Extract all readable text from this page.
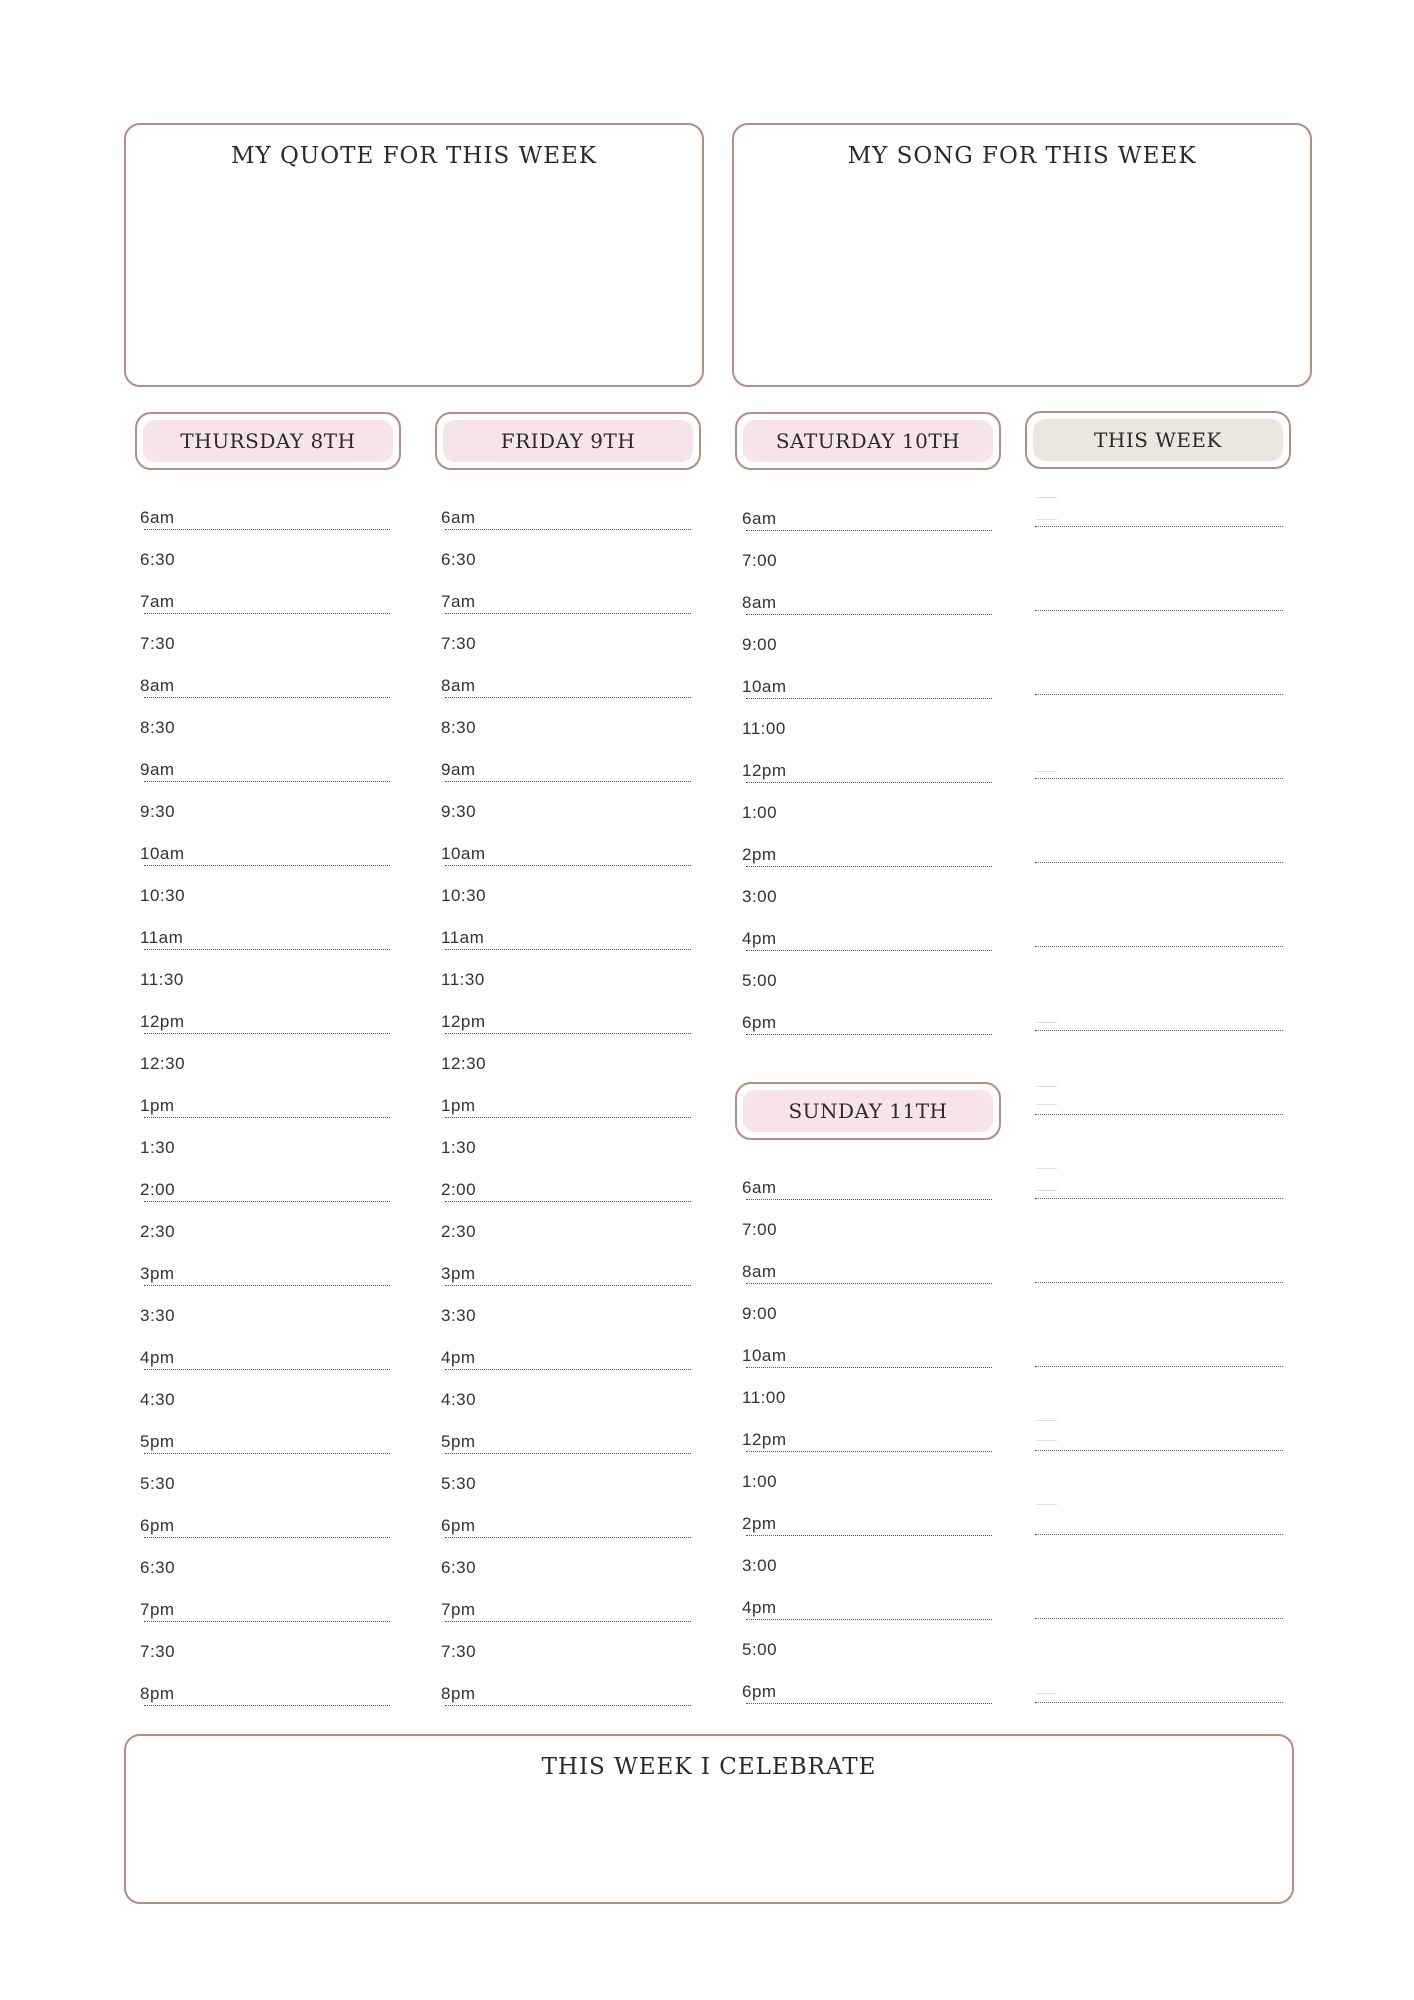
MY QUOTE FOR THIS WEEK	MY SONG FOR THIS WEEK
THURSDAY 8TH	FRIDAY 9TH	SATURDAY 10TH	THIS WEEK
SUNDAY 11TH
6am
6:30
7am
7:30
8am
8:30
9am
9:30
10am
10:30
11am
11:30
12pm
12:30
1pm
1:30
2:00
2:30
3pm
3:30
4pm
4:30
5pm
5:30
6pm
6:30
7pm
7:30
8pm
6am
6:30
7am
7:30
8am
8:30
9am
9:30
10am
10:30
11am
11:30
12pm
12:30
1pm
1:30
2:00
2:30
3pm
3:30
4pm
4:30
5pm
5:30
6pm
6:30
7pm
7:30
8pm
6am
7:00
8am
9:00
10am
11:00
12pm
1:00
2pm
3:00
4pm
5:00
6pm
6am
7:00
8am
9:00
10am
11:00
12pm
1:00
2pm
3:00
4pm
5:00
6pm
THIS WEEK I CELEBRATE
